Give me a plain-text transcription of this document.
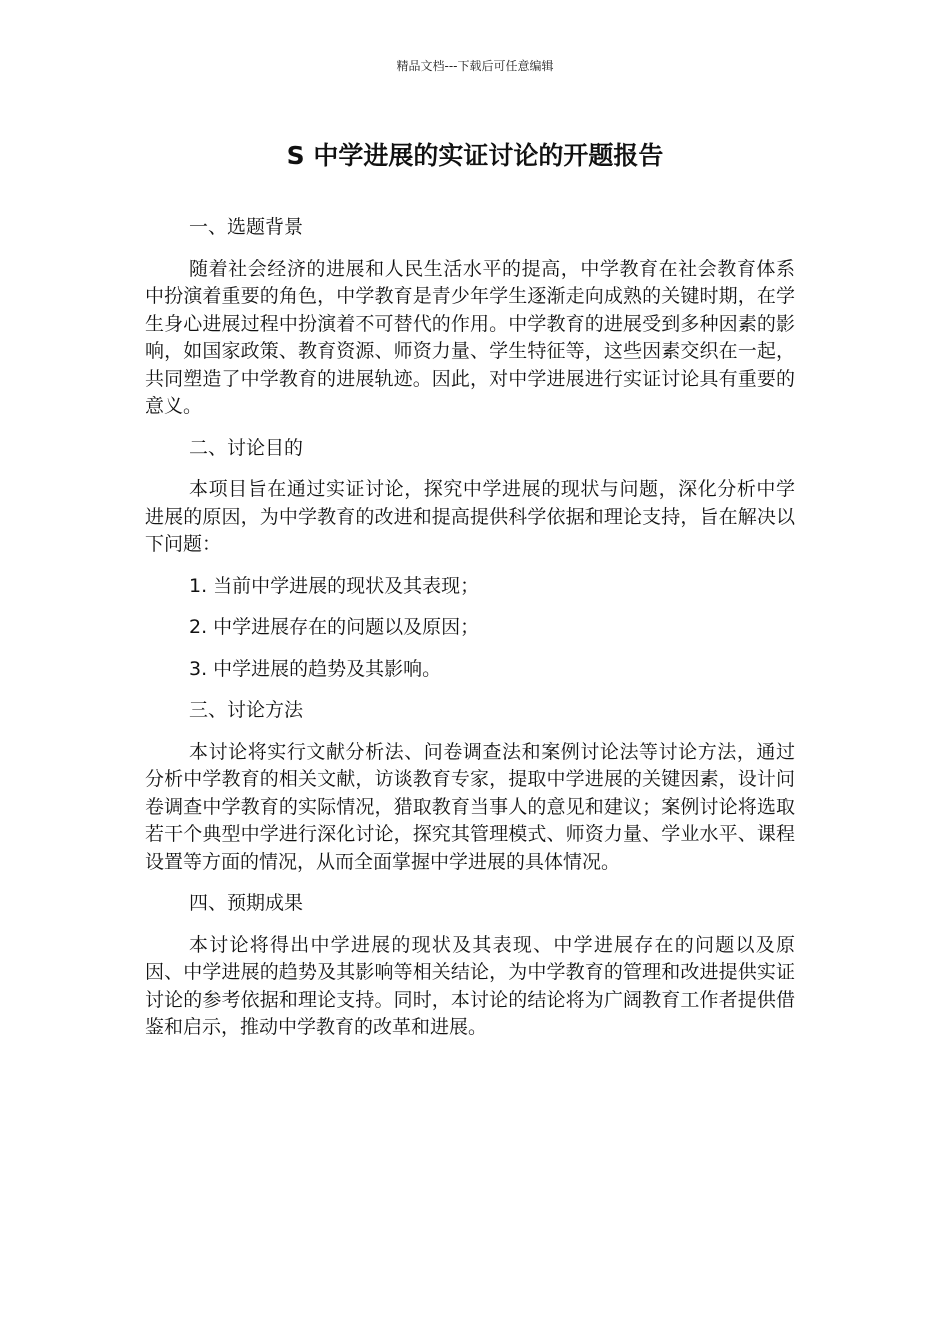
精品文档---下载后可任意编辑
S 中学进展的实证讨论的开题报告

一、选题背景

随着社会经济的进展和人民生活水平的提高，中学教育在社会教育体系中扮演着重要的角色，中学教育是青少年学生逐渐走向成熟的关键时期，在学生身心进展过程中扮演着不可替代的作用。中学教育的进展受到多种因素的影响，如国家政策、教育资源、师资力量、学生特征等，这些因素交织在一起，共同塑造了中学教育的进展轨迹。因此，对中学进展进行实证讨论具有重要的意义。

二、讨论目的

本项目旨在通过实证讨论，探究中学进展的现状与问题，深化分析中学进展的原因，为中学教育的改进和提高提供科学依据和理论支持，旨在解决以下问题：

1. 当前中学进展的现状及其表现；

2. 中学进展存在的问题以及原因；

3. 中学进展的趋势及其影响。

三、讨论方法

本讨论将实行文献分析法、问卷调查法和案例讨论法等讨论方法，通过分析中学教育的相关文献，访谈教育专家，提取中学进展的关键因素，设计问卷调查中学教育的实际情况，猎取教育当事人的意见和建议；案例讨论将选取若干个典型中学进行深化讨论，探究其管理模式、师资力量、学业水平、课程设置等方面的情况，从而全面掌握中学进展的具体情况。

四、预期成果

本讨论将得出中学进展的现状及其表现、中学进展存在的问题以及原因、中学进展的趋势及其影响等相关结论，为中学教育的管理和改进提供实证讨论的参考依据和理论支持。同时，本讨论的结论将为广阔教育工作者提供借鉴和启示，推动中学教育的改革和进展。
